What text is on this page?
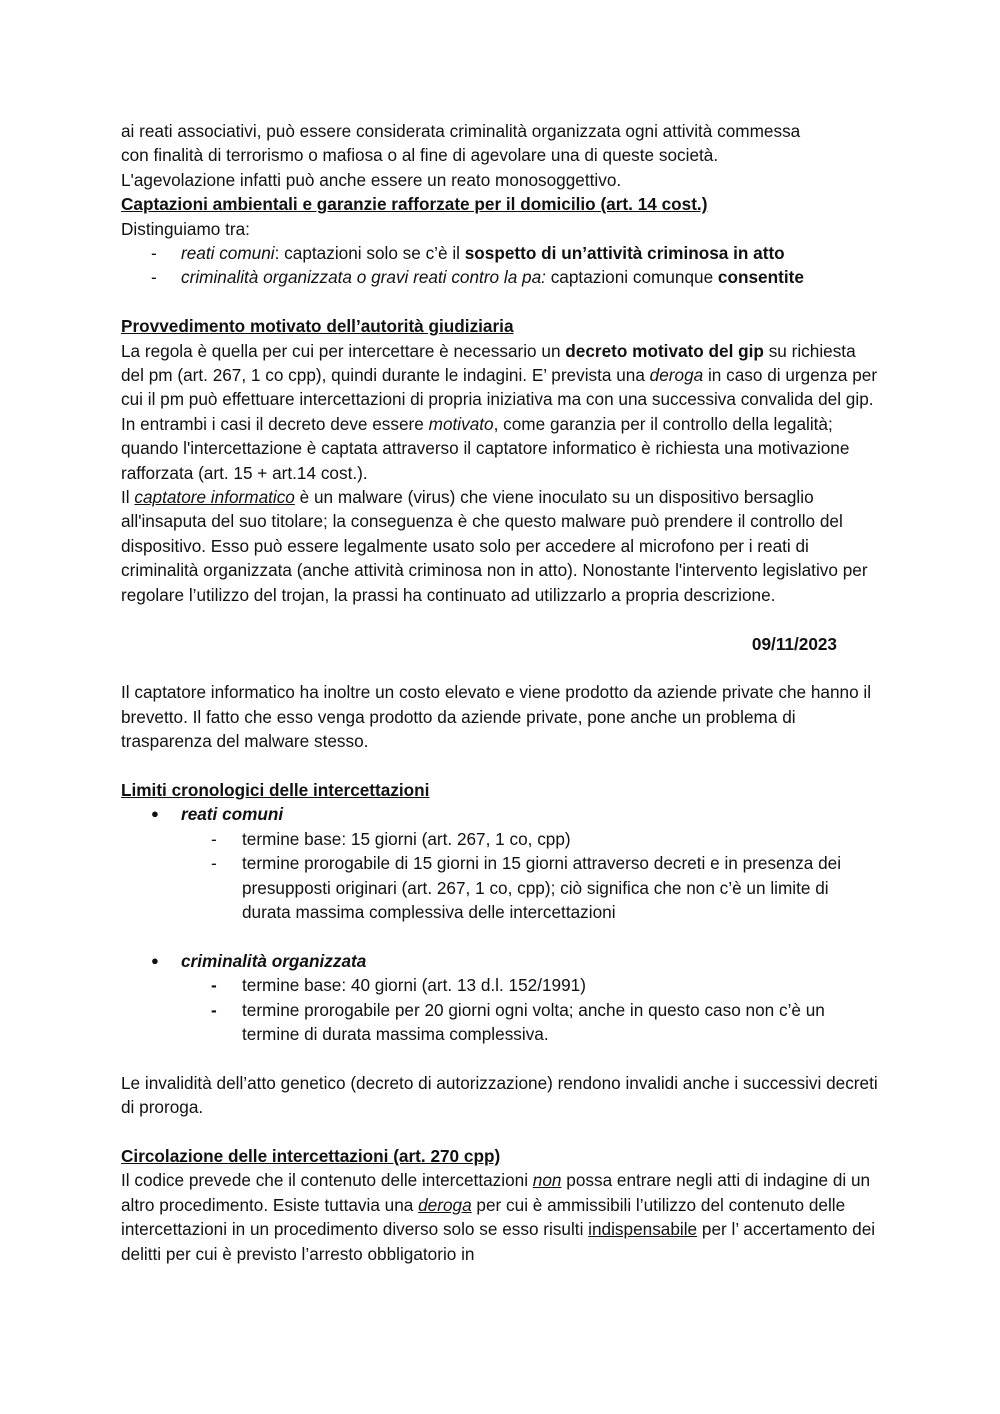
ai reati associativi, può essere considerata criminalità organizzata ogni attività commessa
con finalità di terrorismo o mafiosa o al fine di agevolare una di queste società.
L'agevolazione infatti può anche essere un reato monosoggettivo.

Captazioni ambientali e garanzie rafforzate per il domicilio (art. 14 cost.)

Distinguiamo tra:

- reati comuni: captazioni solo se c’è il sospetto di un’attività criminosa in atto
- criminalità organizzata o gravi reati contro la pa: captazioni comunque consentite

Provvedimento motivato dell’autorità giudiziaria

La regola è quella per cui per intercettare è necessario un decreto motivato del gip su richiesta del pm (art. 267, 1 co cpp), quindi durante le indagini. E’ prevista una deroga in caso di urgenza per cui il pm può effettuare intercettazioni di propria iniziativa ma con una successiva convalida del gip. In entrambi i casi il decreto deve essere motivato, come garanzia per il controllo della legalità; quando l'intercettazione è captata attraverso il captatore informatico è richiesta una motivazione rafforzata (art. 15 + art.14 cost.).

Il captatore informatico è un malware (virus) che viene inoculato su un dispositivo bersaglio all'insaputa del suo titolare; la conseguenza è che questo malware può prendere il controllo del dispositivo. Esso può essere legalmente usato solo per accedere al microfono per i reati di criminalità organizzata (anche attività criminosa non in atto). Nonostante l'intervento legislativo per regolare l’utilizzo del trojan, la prassi ha continuato ad utilizzarlo a propria descrizione.

09/11/2023

Il captatore informatico ha inoltre un costo elevato e viene prodotto da aziende private che hanno il brevetto. Il fatto che esso venga prodotto da aziende private, pone anche un problema di trasparenza del malware stesso.

Limiti cronologici delle intercettazioni

● reati comuni
- termine base: 15 giorni (art. 267, 1 co, cpp)
- termine prorogabile di 15 giorni in 15 giorni attraverso decreti e in presenza dei presupposti originari (art. 267, 1 co, cpp); ciò significa che non c’è un limite di durata massima complessiva delle intercettazioni
● criminalità organizzata
- termine base: 40 giorni (art. 13 d.l. 152/1991)
- termine prorogabile per 20 giorni ogni volta; anche in questo caso non c’è un termine di durata massima complessiva.

Le invalidità dell’atto genetico (decreto di autorizzazione) rendono invalidi anche i successivi decreti di proroga.

Circolazione delle intercettazioni (art. 270 cpp)

Il codice prevede che il contenuto delle intercettazioni non possa entrare negli atti di indagine di un altro procedimento. Esiste tuttavia una deroga per cui è ammissibili l’utilizzo del contenuto delle intercettazioni in un procedimento diverso solo se esso risulti indispensabile per l’ accertamento dei delitti per cui è previsto l’arresto obbligatorio in
